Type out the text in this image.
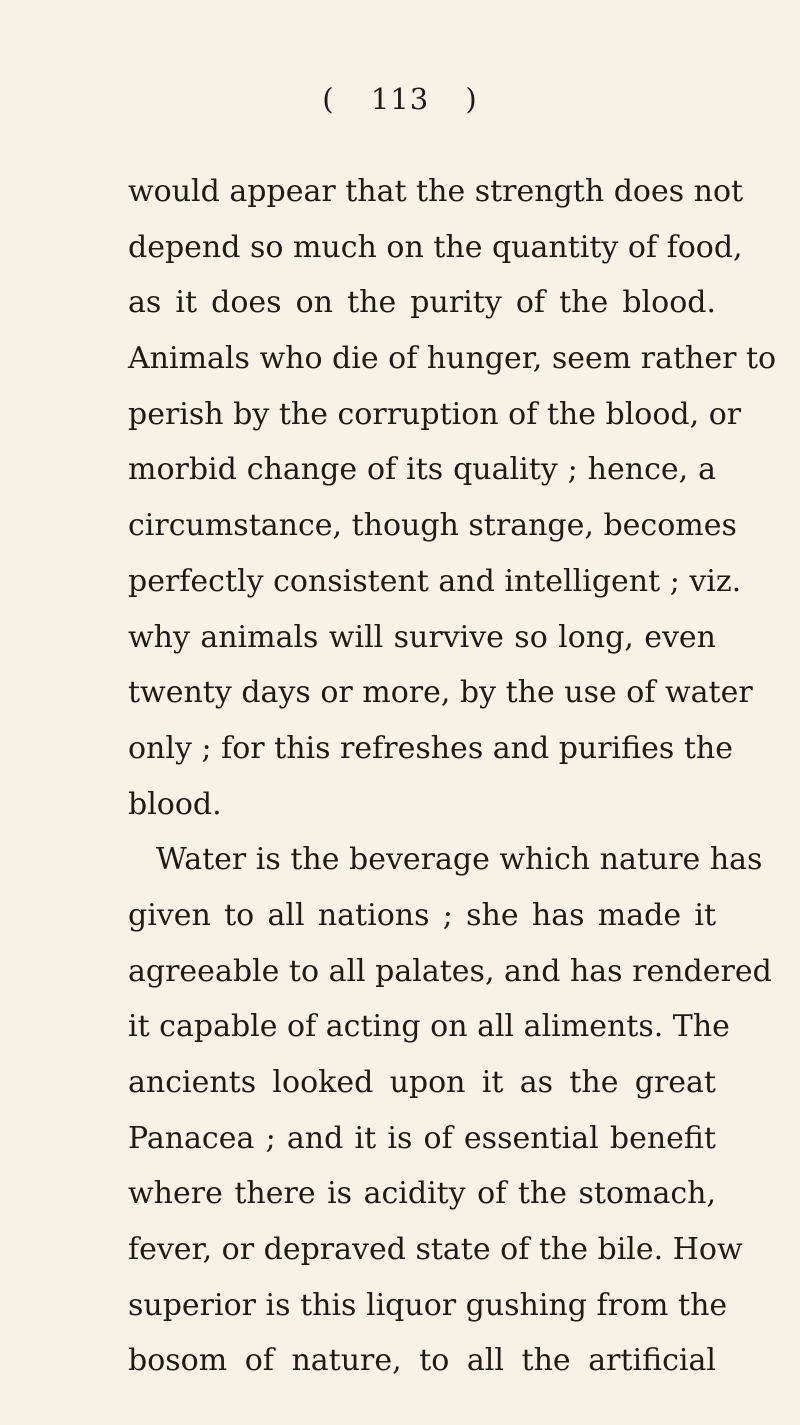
( 113 )
would appear that the strength does not
depend so much on the quantity of food,
as it does on the purity of the blood.
Animals who die of hunger, seem rather to
perish by the corruption of the blood, or
morbid change of its quality ; hence, a
circumstance, though strange, becomes
perfectly consistent and intelligent ; viz.
why animals will survive so long, even
twenty days or more, by the use of water
only ; for this refreshes and purifies the
blood.
Water is the beverage which nature has
given to all nations ; she has made it
agreeable to all palates, and has rendered
it capable of acting on all aliments. The
ancients looked upon it as the great
Panacea ; and it is of essential benefit
where there is acidity of the stomach,
fever, or depraved state of the bile. How
superior is this liquor gushing from the
bosom of nature, to all the artificial
